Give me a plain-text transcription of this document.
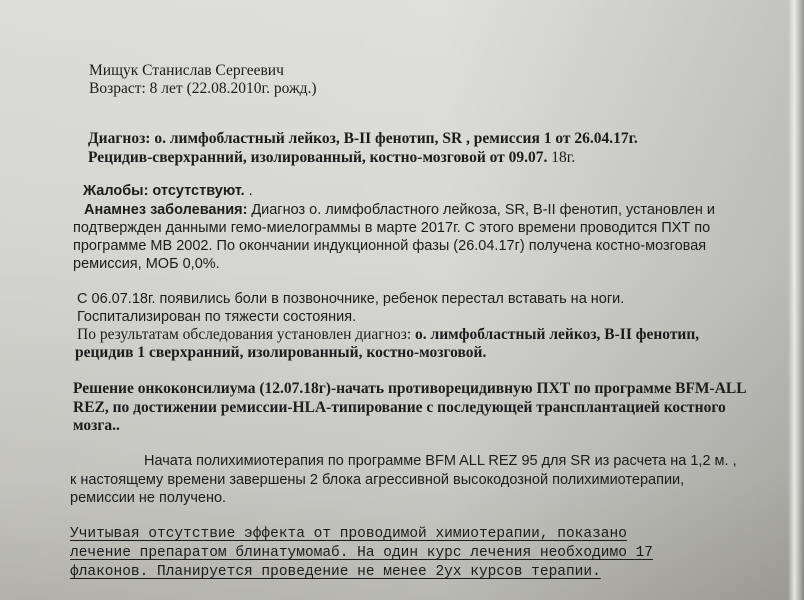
Мищук Станислав Сергеевич
Возраст: 8 лет (22.08.2010г. рожд.)
Диагноз: о. лимфобластный лейкоз, В-II фенотип, SR , ремиссия 1 от 26.04.17г.
Рецидив-сверхранний, изолированный, костно-мозговой от 09.07. 18г.
Жалобы: отсутствуют. .
Анамнез заболевания: Диагноз о. лимфобластного лейкоза, SR, В-II фенотип, установлен и
подтвержден данными гемо-миелограммы в марте 2017г. С этого времени проводится ПХТ по
программе МВ 2002. По окончании индукционной фазы (26.04.17г) получена костно-мозговая
ремиссия, МОБ 0,0%.
С 06.07.18г. появились боли в позвоночнике, ребенок перестал вставать на ноги.
Госпитализирован по тяжести состояния.
По результатам обследования установлен диагноз: о. лимфобластный лейкоз, В-II фенотип,
рецидив 1 сверхранний, изолированный, костно-мозговой.
Решение онкоконсилиума (12.07.18г)-начать противорецидивную ПХТ по программе BFM-ALL
REZ, по достижении ремиссии-HLA-типирование с последующей трансплантацией костного
мозга..
Начата полихимиотерапия по программе BFM ALL REZ 95 для SR из расчета на 1,2 м. ,
к настоящему времени завершены 2 блока агрессивной высокодозной полихимиотерапии,
ремиссии не получено.
Учитывая отсутствие эффекта от проводимой химиотерапии, показано
лечение препаратом блинатумомаб. На один курс лечения необходимо 17
флаконов. Планируется проведение не менее 2ух курсов терапии.
